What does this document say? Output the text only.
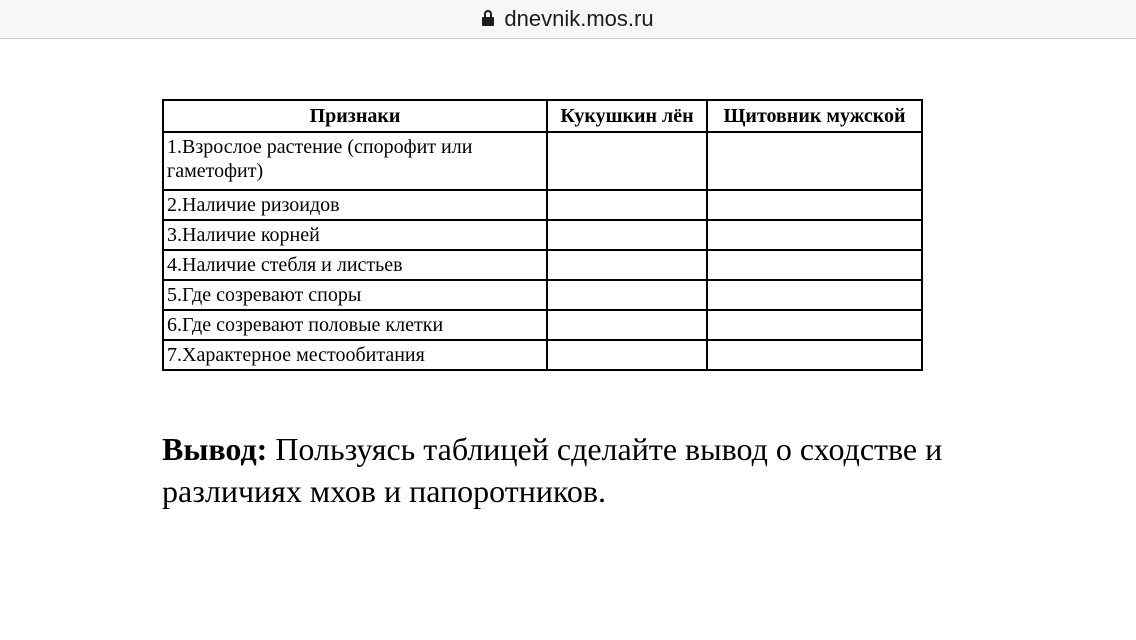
dnevnik.mos.ru
Признаки	Кукушкин лён	Щитовник мужской
1.Взрослое растение (спорофит или гаметофит)		
2.Наличие ризоидов		
3.Наличие корней		
4.Наличие стебля и листьев		
5.Где созревают споры		
6.Где созревают половые клетки		
7.Характерное местообитания		
Вывод: Пользуясь таблицей сделайте вывод о сходстве и различиях мхов и папоротников.
